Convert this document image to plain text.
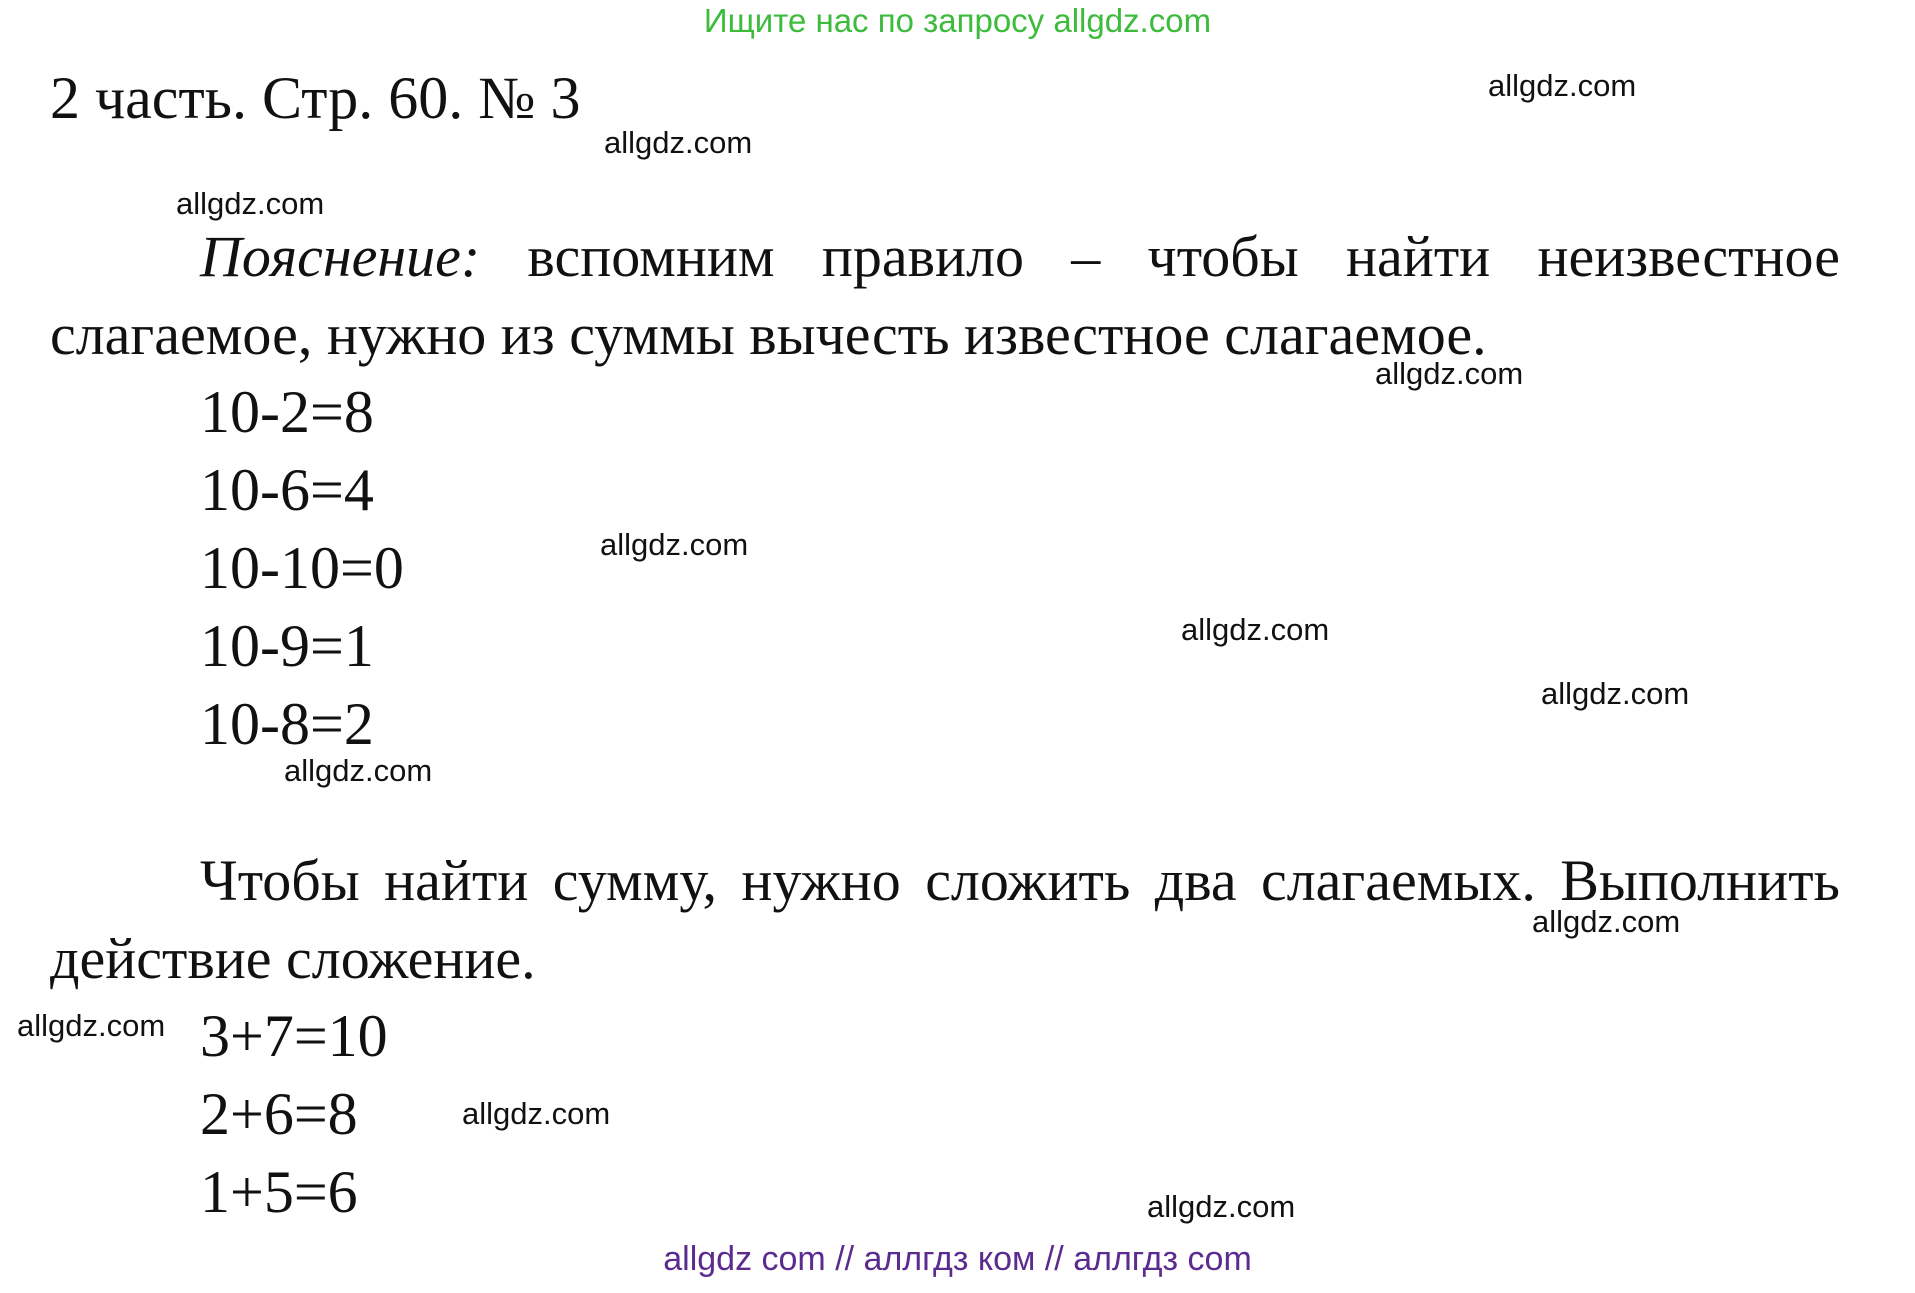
Ищите нас по запросу allgdz.com
2 часть. Стр. 60. № 3
Пояснение: вспомним правило – чтобы найти неизвестное слагаемое, нужно из суммы вычесть известное слагаемое.
10-2=8
10-6=4
10-10=0
10-9=1
10-8=2
Чтобы найти сумму, нужно сложить два слагаемых. Выполнить действие сложение.
3+7=10
2+6=8
1+5=6
allgdz.com
allgdz.com
allgdz.com
allgdz.com
allgdz.com
allgdz.com
allgdz.com
allgdz.com
allgdz.com
allgdz.com
allgdz.com
allgdz.com
allgdz com // аллгдз ком // аллгдз com
